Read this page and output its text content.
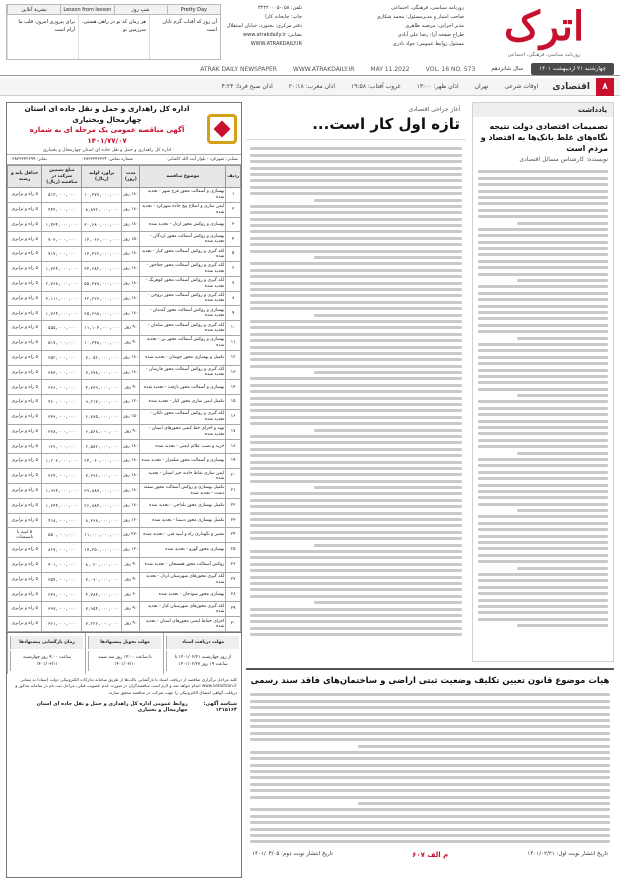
اترک
روزنامه سیاسی، فرهنگی، اجتماعی
روزنامه سیاسی، فرهنگی، اجتماعی
صاحب امتیاز و مدیرمسئول: محمد شکاری
مدیر اجرایی: مرضیه طاهری
طراح صفحه آرا: رضا علی آبادی
مسئول روابط عمومی: جواد نادری
تلفن: ۰۵۸-۳۲۲۲۰۰۰۵
چاپ: چاپخانه کارا
دفتر مرکزی: بجنورد، خیابان استقلال
نشانی: www.atrakdaily.ir
WWW.ATRAKDAILY.IR
Pretty Day
شبِ روز
Lesson from lesson
نشریهٔ آنلاین
آن روز که آفتاب گرم تابان است
هر زمان که تو در راهی هستی، سرزمین تو
برای پیروزی امروز، قلب ما آرام است
چهارشنبه ۲۱ اردیبهشت ۱۴۰۱
سال شانزدهم
VOL. 16 NO. 573
MAY 11.2022
WWW.ATRAKDAILY.IR
ATRAK DAILY NEWSPAPER
۸
اقتصادی
اوقات شرعی
تهران
اذان ظهر: ۱۳:۰۰
غروب آفتاب: ۱۹:۵۸
اذان مغرب: ۲۰:۱۸
اذان صبح فردا: ۴:۲۴
یادداشت
تصمیمات اقتصادی دولت نتیجه نگاه‌های غلط بانک‌ها به اقتصاد و مردم است
نویسنده: کارشناس مسائل اقتصادی
آغاز جراحی اقتصادی
تازه اول کار است...
هیات موضوع قانون تعیین تکلیف وضعیت ثبتی اراضی و ساختمان‌های فاقد سند رسمی
تاریخ انتشار نوبت اول: ۱۴۰۱/۰۲/۲۱
م الف ۶۰۷
تاریخ انتشار نوبت دوم: ۱۴۰۱/۰۳/۰۵
اداره کل راهداری و حمل و نقل جاده ای استان چهارمحال وبختیاری
آگهی مناقصه عمومی یک مرحله ای به شماره ۱۴۰۱/۷۷/۰۷
اداره کل راهداری و حمل و نقل جاده ای استان چهارمحال و بختیاری
نشانی: شهرکرد - بلوار آیت الله کاشانی
شماره تماس: ۰۳۸۳۳۳۴۲۳۳۴
نمابر: ۰۳۸۳۳۳۴۲۳۹۹
ردیف	موضوع مناقصه	مدت (روز)	برآورد اولیه (ریال)	مبلغ تضمین شرکت در مناقصه (ریال)	حداقل پایه و رشته
۱	بهسازی و آسفالت محور فرخ شهر - تجدید شده	۱۸۰ روز	۱۰,۴۷۷,۰۰۰,۰۰۰	۵۱۴,۰۰۰,۰۰۰	۵ راه و ترابری
۲	ایمن سازی و اصلاح پیچ جاده شهرکرد - تجدید شده	۱۸۰ روز	۸,۸۷۲,۰۰۰,۰۰۰	۴۴۴,۰۰۰,۰۰۰	۵ راه و ترابری
۳	بهسازی و روکش محور اردل - تجدید شده	۱۸۰ روز	۳۰,۶۸۰,۰۰۰,۰۰۰	۱,۴۳۴,۰۰۰,۰۰۰	۵ راه و ترابری
۴	بهسازی و روکش آسفالت محور لردگان - تجدید شده	۱۵۰ روز	۱۴,۰۶۶,۰۰۰,۰۰۰	۷۰۳,۰۰۰,۰۰۰	۵ راه و ترابری
۵	لکه گیری و روکش آسفالت محور کیار - تجدید شده	۱۸۰ روز	۱۴,۳۲۶,۰۰۰,۰۰۰	۷۱۷,۰۰۰,۰۰۰	۵ راه و ترابری
۶	لکه گیری و روکش آسفالت محور چغاخور - تجدید شده	۱۸۰ روز	۳۴,۶۸۲,۰۰۰,۰۰۰	۱,۷۳۴,۰۰۰,۰۰۰	۵ راه و ترابری
۷	لکه گیری و روکش آسفالت محور کوهرنگ - تجدید شده	۱۸۰ روز	۵۵,۳۷۸,۰۰۰,۰۰۰	۲,۷۶۸,۰۰۰,۰۰۰	۵ راه و ترابری
۸	لکه گیری و روکش آسفالت محور بروجن - تجدید شده	۱۸۰ روز	۶۲,۲۲۶,۰۰۰,۰۰۰	۳,۱۱۱,۰۰۰,۰۰۰	۵ راه و ترابری
۹	بهسازی و روکش آسفالت محور گندمان - تجدید شده	۱۸۰ روز	۳۵,۲۹۸,۰۰۰,۰۰۰	۱,۷۶۴,۰۰۰,۰۰۰	۵ راه و ترابری
۱۰	لکه گیری و روکش آسفالت محور سامان - تجدید شده	۹۰ روز	۱۱,۱۰۴,۰۰۰,۰۰۰	۵۵۵,۰۰۰,۰۰۰	۵ راه و ترابری
۱۱	بهسازی و روکش آسفالت محور بن - تجدید شده	۹۰ روز	۱۰,۳۴۸,۰۰۰,۰۰۰	۵۱۷,۰۰۰,۰۰۰	۵ راه و ترابری
۱۲	تکمیل و بهسازی محور جونقان - تجدید شده	۱۸۰ روز	۷,۰۵۲,۰۰۰,۰۰۰	۳۵۲,۰۰۰,۰۰۰	۵ راه و ترابری
۱۳	لکه گیری و روکش آسفالت محور فارسان - تجدید شده	۱۸۰ روز	۷,۶۷۸,۰۰۰,۰۰۰	۳۸۳,۰۰۰,۰۰۰	۵ راه و ترابری
۱۴	بهسازی و آسفالت محور بازفت - تجدید شده	۹۰ روز	۴,۷۳۹,۰۰۰,۰۰۰	۲۳۶,۰۰۰,۰۰۰	۵ راه و ترابری
۱۵	تکمیل ایمن سازی محور کیار - تجدید شده	۱۲۰ روز	۹,۲۱۷,۰۰۰,۰۰۰	۴۶۰,۰۰۰,۰۰۰	۵ راه و ترابری
۱۶	لکه گیری و روکش آسفالت محور ناغان - تجدید شده	۱۵۰ روز	۶,۷۸۵,۰۰۰,۰۰۰	۳۳۹,۰۰۰,۰۰۰	۵ راه و ترابری
۱۷	تهیه و اجرای خط کشی محورهای استان - تجدید شده	۹۰ روز	۶,۵۶۸,۰۰۰,۰۰۰	۳۲۸,۰۰۰,۰۰۰	۵ راه و ترابری
۱۸	خرید و نصب علائم ایمنی - تجدید شده	۱۸۰ روز	۲,۵۸۲,۰۰۰,۰۰۰	۱۲۹,۰۰۰,۰۰۰	۵ راه و ترابری
۱۹	بهسازی و آسفالت محور شلمزار - تجدید شده	۱۸۰ روز	۲۴,۰۶۰,۰۰۰,۰۰۰	۱,۲۰۳,۰۰۰,۰۰۰	۵ راه و ترابری
۲۰	ایمن سازی نقاط حادثه خیز استان - تجدید شده	۱۸۰ روز	۷,۲۹۶,۰۰۰,۰۰۰	۳۶۴,۰۰۰,۰۰۰	۵ راه و ترابری
۲۱	تکمیل بهسازی و روکش آسفالت محور سفید دشت - تجدید شده	۱۸۰ روز	۳۹,۸۸۷,۰۰۰,۰۰۰	۱,۹۹۴,۰۰۰,۰۰۰	۵ راه و ترابری
۲۲	تکمیل بهسازی محور بلداجی - تجدید شده	۱۸۰ روز	۲۶,۸۸۴,۰۰۰,۰۰۰	۱,۳۴۴,۰۰۰,۰۰۰	۵ راه و ترابری
۲۳	تکمیل بهسازی محور دستنا - تجدید شده	۱۲۰ روز	۸,۳۶۸,۰۰۰,۰۰۰	۴۱۸,۰۰۰,۰۰۰	۵ راه و ترابری
۲۴	تعمیر و نگهداری راه و ابنیه فنی - تجدید شده	۲۷۰ روز	۱۱,۰۰۰,۰۰۰,۰۰۰	۵۵۰,۰۰۰,۰۰۰	۵ ابنیه یا تاسیسات
۲۵	بهسازی محور گهرو - تجدید شده	۱۲۰ روز	۱۷,۳۵۰,۰۰۰,۰۰۰	۸۶۷,۰۰۰,۰۰۰	۵ راه و ترابری
۲۶	روکش آسفالت محور هفشجان - تجدید شده	۹۰ روز	۸,۰۲۰,۰۰۰,۰۰۰	۴۰۱,۰۰۰,۰۰۰	۵ راه و ترابری
۲۷	لکه گیری محورهای شهرستان اردل - تجدید شده	۹۰ روز	۷,۰۹۰,۰۰۰,۰۰۰	۳۵۴,۰۰۰,۰۰۰	۵ راه و ترابری
۲۸	بهسازی محور سودجان - تجدید شده	۶۰ روز	۴,۷۸۴,۰۰۰,۰۰۰	۲۳۹,۰۰۰,۰۰۰	۵ راه و ترابری
۲۹	لکه گیری محورهای شهرستان کیار - تجدید شده	۹۰ روز	۷,۹۵۴,۰۰۰,۰۰۰	۳۹۷,۰۰۰,۰۰۰	۵ راه و ترابری
۳۰	اجرای حفاظ ایمنی محورهای استان - تجدید شده	۹۰ روز	۷,۲۲۶,۰۰۰,۰۰۰	۳۶۱,۰۰۰,۰۰۰	۵ راه و ترابری
مهلت دریافت اسناد
از روز چهارشنبه ۱۴۰۱/۰۲/۲۱ تا ساعت ۱۹ روز ۱۴۰۱/۰۲/۲۷
مهلت تحویل پیشنهادها
تا ساعت ۱۴:۰۰ روز سه شنبه ۱۴۰۱/۰۳/۱۰
زمان بازگشایی پیشنهادها
ساعت ۹:۰۰ روز چهارشنبه ۱۴۰۱/۰۳/۱۱
کلیه مراحل برگزاری مناقصه از دریافت اسناد تا بازگشایی پاکت‌ها از طریق سامانه تدارکات الکترونیکی دولت (ستاد) به نشانی www.setadiran.ir انجام خواهد شد و لازم است مناقصه‌گران در صورت عدم عضویت قبلی، مراحل ثبت نام در سامانه مذکور و دریافت گواهی امضای الکترونیکی را جهت شرکت در مناقصه محقق سازند.
شناسه آگهی: ۱۳۱۵۱۶۴
روابط عمومی اداره کل راهداری و حمل و نقل جاده ای استان چهارمحال و بختیاری
